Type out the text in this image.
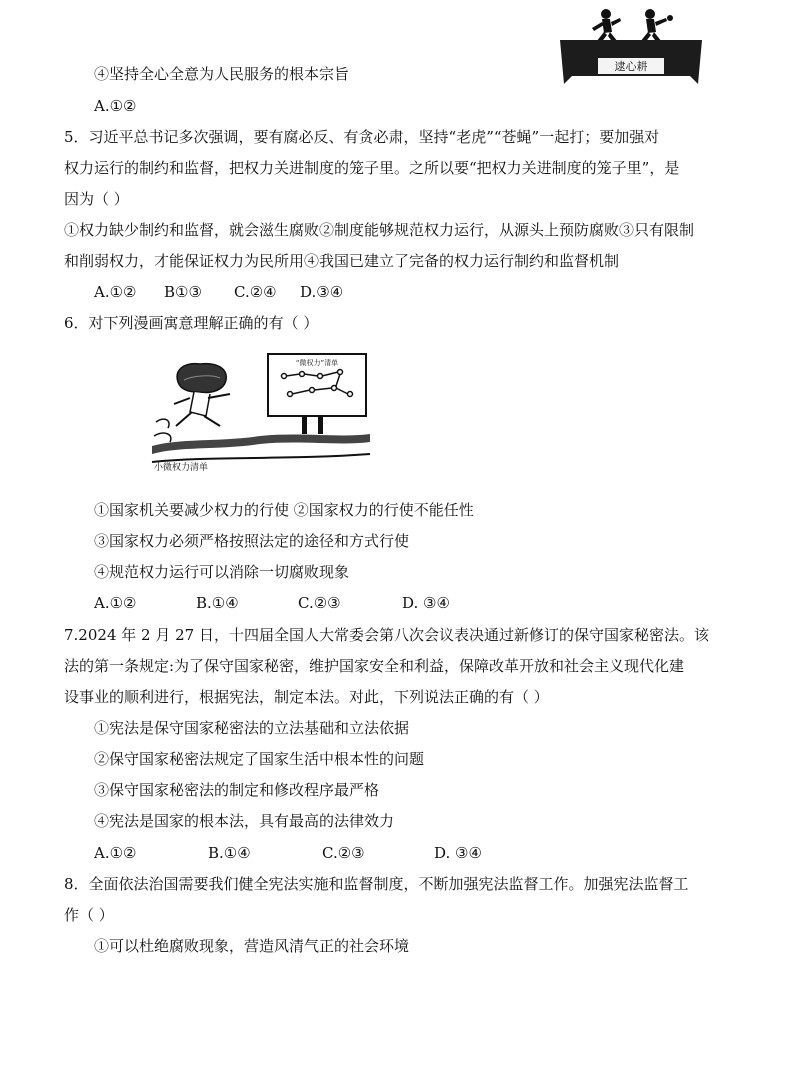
逮心耕
④坚持全心全意为人民服务的根本宗旨
A.①②
5．习近平总书记多次强调，要有腐必反、有贪必肃，坚持“老虎”“苍蝇”一起打；要加强对
权力运行的制约和监督，把权力关进制度的笼子里。之所以要“把权力关进制度的笼子里”，是
因为（ ）
①权力缺少制约和监督，就会滋生腐败②制度能够规范权力运行，从源头上预防腐败③只有限制
和削弱权力，才能保证权力为民所用④我国已建立了完备的权力运行制约和监督机制
A.①② B①③ C.②④ D.③④
6．对下列漫画寓意理解正确的有（ ）
“微权力”清单
小微权力清单
①国家机关要减少权力的行使 ②国家权力的行使不能任性
③国家权力必须严格按照法定的途径和方式行使
④规范权力运行可以消除一切腐败现象
A.①②	B.①④	C.②③	D. ③④
7.2024 年 2 月 27 日，十四届全国人大常委会第八次会议表决通过新修订的保守国家秘密法。该
法的第一条规定:为了保守国家秘密，维护国家安全和利益，保障改革开放和社会主义现代化建
设事业的顺利进行，根据宪法，制定本法。对此，下列说法正确的有（ ）
①宪法是保守国家秘密法的立法基础和立法依据
②保守国家秘密法规定了国家生活中根本性的问题
③保守国家秘密法的制定和修改程序最严格
④宪法是国家的根本法，具有最高的法律效力
A.①②	B.①④	C.②③	D. ③④
8．全面依法治国需要我们健全宪法实施和监督制度，不断加强宪法监督工作。加强宪法监督工
作（ ）
①可以杜绝腐败现象，营造风清气正的社会环境
